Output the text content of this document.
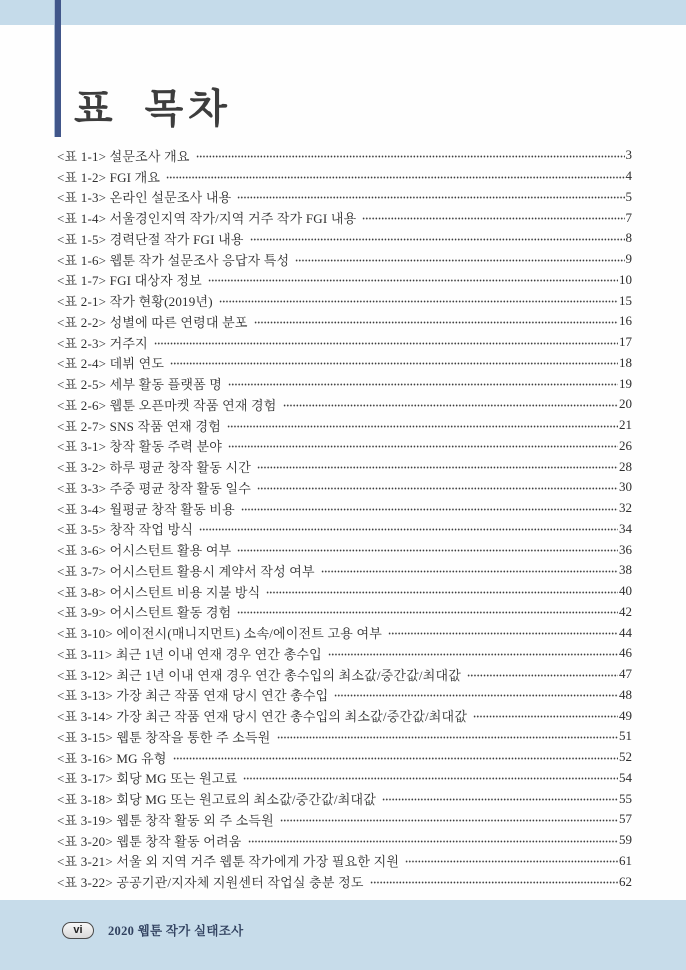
표 목차
<표 1-1> 설문조사 개요	3
<표 1-2> FGI 개요	4
<표 1-3> 온라인 설문조사 내용	5
<표 1-4> 서울경인지역 작가/지역 거주 작가 FGI 내용	7
<표 1-5> 경력단절 작가 FGI 내용	8
<표 1-6> 웹툰 작가 설문조사 응답자 특성	9
<표 1-7> FGI 대상자 정보	10
<표 2-1> 작가 현황(2019년)	15
<표 2-2> 성별에 따른 연령대 분포	16
<표 2-3> 거주지	17
<표 2-4> 데뷔 연도	18
<표 2-5> 세부 활동 플랫폼 명	19
<표 2-6> 웹툰 오픈마켓 작품 연재 경험	20
<표 2-7> SNS 작품 연재 경험	21
<표 3-1> 창작 활동 주력 분야	26
<표 3-2> 하루 평균 창작 활동 시간	28
<표 3-3> 주중 평균 창작 활동 일수	30
<표 3-4> 월평균 창작 활동 비용	32
<표 3-5> 창작 작업 방식	34
<표 3-6> 어시스턴트 활용 여부	36
<표 3-7> 어시스턴트 활용시 계약서 작성 여부	38
<표 3-8> 어시스턴트 비용 지불 방식	40
<표 3-9> 어시스턴트 활동 경험	42
<표 3-10> 에이전시(매니지먼트) 소속/에이전트 고용 여부	44
<표 3-11> 최근 1년 이내 연재 경우 연간 총수입	46
<표 3-12> 최근 1년 이내 연재 경우 연간 총수입의 최소값/중간값/최대값	47
<표 3-13> 가장 최근 작품 연재 당시 연간 총수입	48
<표 3-14> 가장 최근 작품 연재 당시 연간 총수입의 최소값/중간값/최대값	49
<표 3-15> 웹툰 창작을 통한 주 소득원	51
<표 3-16> MG 유형	52
<표 3-17> 회당 MG 또는 원고료	54
<표 3-18> 회당 MG 또는 원고료의 최소값/중간값/최대값	55
<표 3-19> 웹툰 창작 활동 외 주 소득원	57
<표 3-20> 웹툰 창작 활동 어려움	59
<표 3-21> 서울 외 지역 거주 웹툰 작가에게 가장 필요한 지원	61
<표 3-22> 공공기관/지자체 지원센터 작업실 충분 정도	62
vi	2020 웹툰 작가 실태조사
